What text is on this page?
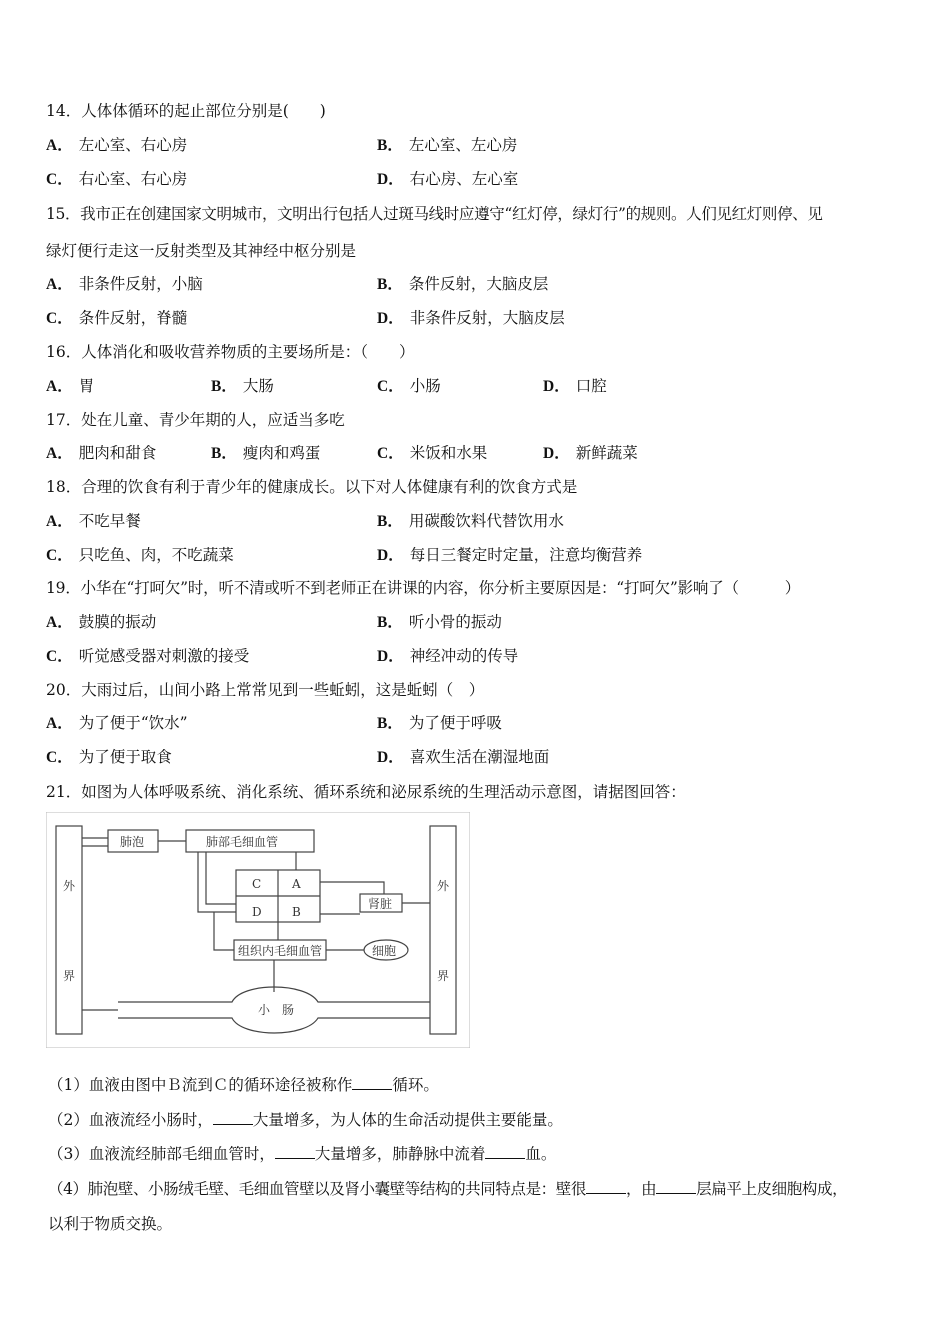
14．人体体循环的起止部位分别是(　　)
A． 左心室、右心房	B． 左心室、左心房
C． 右心室、右心房	D． 右心房、左心室
15．我市正在创建国家文明城市，文明出行包括人过斑马线时应遵守“红灯停，绿灯行”的规则。人们见红灯则停、见
绿灯便行走这一反射类型及其神经中枢分别是
A． 非条件反射，小脑	B． 条件反射，大脑皮层
C． 条件反射，脊髓	D． 非条件反射，大脑皮层
16．人体消化和吸收营养物质的主要场所是：（　　）
A． 胃	B． 大肠	C． 小肠	D． 口腔
17．处在儿童、青少年期的人，应适当多吃
A． 肥肉和甜食	B． 瘦肉和鸡蛋	C． 米饭和水果	D． 新鲜蔬菜
18．合理的饮食有利于青少年的健康成长。以下对人体健康有利的饮食方式是
A． 不吃早餐	B． 用碳酸饮料代替饮用水
C． 只吃鱼、肉，不吃蔬菜	D． 每日三餐定时定量，注意均衡营养
19．小华在“打呵欠”时，听不清或听不到老师正在讲课的内容，你分析主要原因是：“打呵欠”影响了（　　　）
A． 鼓膜的振动	B． 听小骨的振动
C． 听觉感受器对刺激的接受	D． 神经冲动的传导
20．大雨过后，山间小路上常常见到一些蚯蚓，这是蚯蚓（　）
A． 为了便于“饮水”	B． 为了便于呼吸
C． 为了便于取食	D． 喜欢生活在潮湿地面
21．如图为人体呼吸系统、消化系统、循环系统和泌尿系统的生理活动示意图，请据图回答：
外
界
外
界
肺泡	肺部毛细血管
C	A
D	B
肾脏
组织内毛细血管	细胞
小　肠
（1）血液由图中Ｂ流到Ｃ的循环途径被称作	循环。
（2）血液流经小肠时，	大量增多，为人体的生命活动提供主要能量。
（3）血液流经肺部毛细血管时，	大量增多，肺静脉中流着	血。
（4）肺泡壁、小肠绒毛壁、毛细血管壁以及肾小囊壁等结构的共同特点是：壁很	，由	层扁平上皮细胞构成，
以利于物质交换。
